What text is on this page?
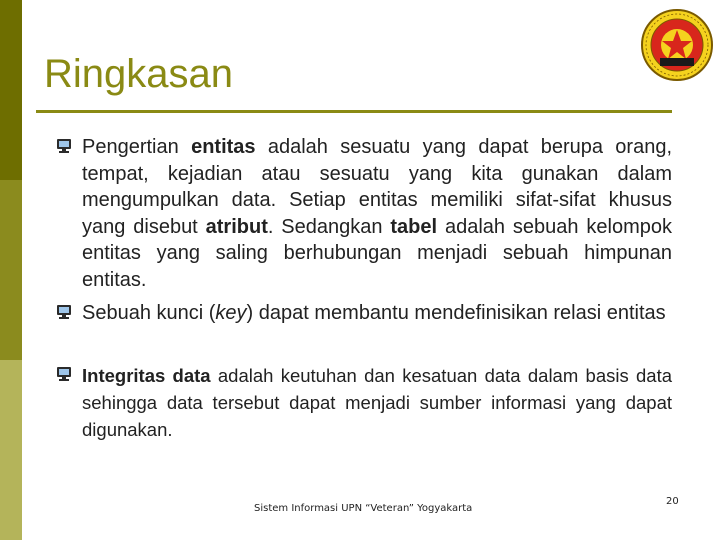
Ringkasan
Pengertian entitas adalah sesuatu yang dapat berupa orang, tempat, kejadian atau sesuatu yang kita gunakan dalam mengumpulkan data. Setiap entitas memiliki sifat-sifat khusus yang disebut atribut. Sedangkan tabel adalah sebuah kelompok entitas yang saling berhubungan menjadi sebuah himpunan entitas.
Sebuah kunci (key) dapat membantu mendefinisikan relasi entitas
Integritas data adalah keutuhan dan kesatuan data dalam basis data sehingga data tersebut dapat menjadi sumber informasi yang dapat digunakan.
Sistem Informasi UPN “Veteran” Yogyakarta
20
